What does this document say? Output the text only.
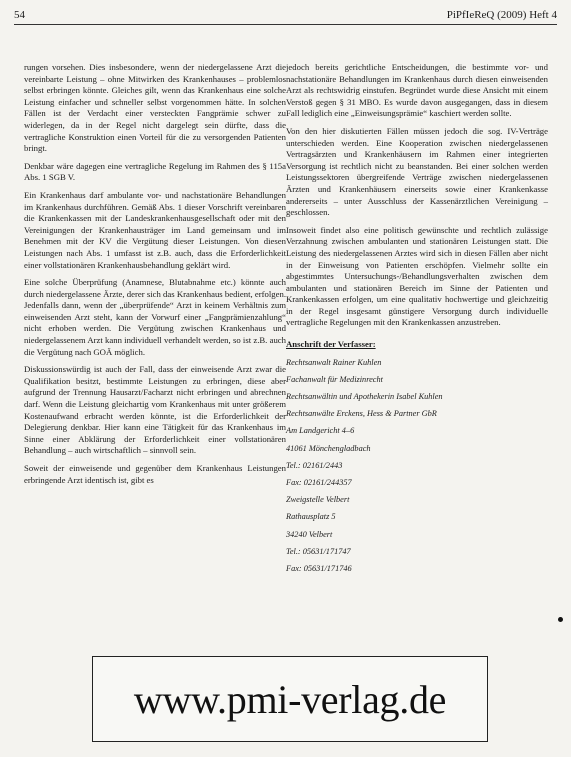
54	PiPfIeReQ (2009) Heft 4

rungen vorsehen. Dies insbesondere, wenn der niedergelassene Arzt die vereinbarte Leistung – ohne Mitwirken des Krankenhauses – problemlos selbst erbringen könnte. Gleiches gilt, wenn das Krankenhaus eine solche Leistung einfacher und schneller selbst vorgenommen hätte. In solchen Fällen ist der Verdacht einer versteckten Fangprämie schwer zu widerlegen, da in der Regel nicht dargelegt sein dürfte, dass die vertragliche Konstruktion einen Vorteil für die zu versorgenden Patienten bringt.

Denkbar wäre dagegen eine vertragliche Regelung im Rahmen des § 115a Abs. 1 SGB V.

Ein Krankenhaus darf ambulante vor- und nachstationäre Behandlungen im Krankenhaus durchführen. Gemäß Abs. 1 dieser Vorschrift vereinbaren die Krankenkassen mit der Landeskrankenhausgesellschaft oder mit den Vereinigungen der Krankenhausträger im Land gemeinsam und im Benehmen mit der KV die Vergütung dieser Leistungen. Von diesen Leistungen nach Abs. 1 umfasst ist z.B. auch, dass die Erforderlichkeit einer vollstationären Krankenhausbehandlung geklärt wird.

Eine solche Überprüfung (Anamnese, Blutabnahme etc.) könnte auch durch niedergelassene Ärzte, derer sich das Krankenhaus bedient, erfolgen. Jedenfalls dann, wenn der „überprüfende“ Arzt in keinem Verhältnis zum einweisenden Arzt steht, kann der Vorwurf einer „Fangprämienzahlung“ nicht erhoben werden. Die Vergütung zwischen Krankenhaus und niedergelassenem Arzt kann individuell verhandelt werden, so ist z.B. auch die Vergütung nach GOÄ möglich.

Diskussionswürdig ist auch der Fall, dass der einweisende Arzt zwar die Qualifikation besitzt, bestimmte Leistungen zu erbringen, diese aber aufgrund der Trennung Hausarzt/Facharzt nicht erbringen und abrechnen darf. Wenn die Leistung gleichartig vom Krankenhaus mit unter größerem Kostenaufwand erbracht werden könnte, ist die Erforderlichkeit der Delegierung denkbar. Hier kann eine Tätigkeit für das Krankenhaus im Sinne einer Abklärung der Erforderlichkeit einer vollstationären Behandlung – auch wirtschaftlich – sinnvoll sein.

Soweit der einweisende und gegenüber dem Krankenhaus Leistungen erbringende Arzt identisch ist, gibt es

jedoch bereits gerichtliche Entscheidungen, die bestimmte vor- und nachstationäre Behandlungen im Krankenhaus durch diesen einweisenden Arzt als rechtswidrig einstufen. Begründet wurde diese Ansicht mit einem Verstoß gegen § 31 MBO. Es wurde davon ausgegangen, dass in diesem Fall lediglich eine „Einweisungsprämie“ kaschiert werden sollte.

Von den hier diskutierten Fällen müssen jedoch die sog. IV-Verträge unterschieden werden. Eine Kooperation zwischen niedergelassenen Vertragsärzten und Krankenhäusern im Rahmen einer integrierten Versorgung ist rechtlich nicht zu beanstanden. Bei einer solchen werden Leistungssektoren übergreifende Verträge zwischen niedergelassenen Ärzten und Krankenhäusern einerseits sowie einer Krankenkasse andererseits – unter Ausschluss der Kassenärztlichen Vereinigung – geschlossen.

Insoweit findet also eine politisch gewünschte und rechtlich zulässige Verzahnung zwischen ambulanten und stationären Leistungen statt. Die Leistung des niedergelassenen Arztes wird sich in diesen Fällen aber nicht in der Einweisung von Patienten erschöpfen. Vielmehr sollte ein abgestimmtes Untersuchungs-/Behandlungsverhalten zwischen dem ambulanten und stationären Bereich im Sinne der Patienten und Krankenkassen erfolgen, um eine qualitativ hochwertige und gleichzeitig in der Regel insgesamt günstigere Versorgung durch individuelle vertragliche Regelungen mit den Krankenkassen anzustreben.

Anschrift der Verfasser:

Rechtsanwalt Rainer Kuhlen

Fachanwalt für Medizinrecht

Rechtsanwältin und Apothekerin Isabel Kuhlen

Rechtsanwälte Erckens, Hess & Partner GbR

Am Landgericht 4–6

41061 Mönchengladbach

Tel.: 02161/2443

Fax: 02161/244357

Zweigstelle Velbert

Rathausplatz 5

34240 Velbert

Tel.: 05631/171747

Fax: 05631/171746

www.pmi-verlag.de
